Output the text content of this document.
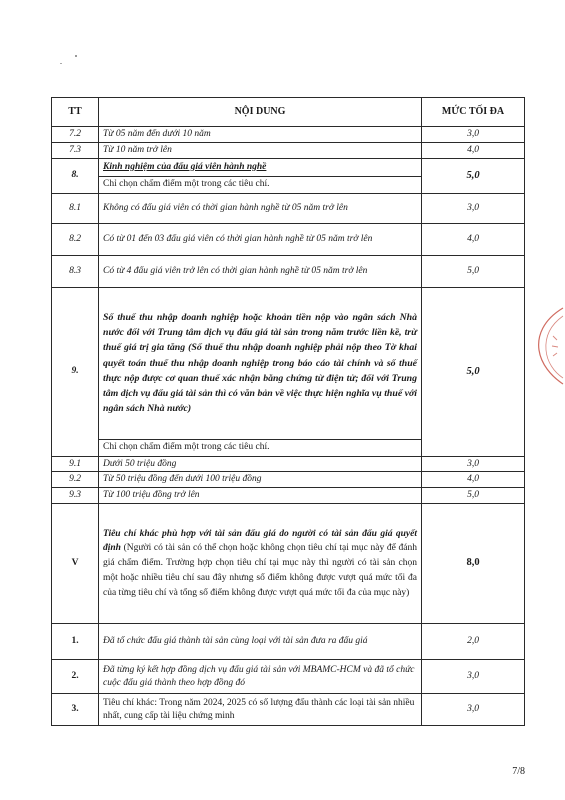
TT	NỘI DUNG	MỨC TỐI ĐA
7.2	Từ 05 năm đến dưới 10 năm	3,0
7.3	Từ 10 năm trở lên	4,0
8.	Kinh nghiệm của đấu giá viên hành nghề	5,0
	Chỉ chọn chấm điểm một trong các tiêu chí.	
8.1	Không có đấu giá viên có thời gian hành nghề từ 05 năm trở lên	3,0
8.2	Có từ 01 đến 03 đấu giá viên có thời gian hành nghề từ 05 năm trở lên	4,0
8.3	Có từ 4 đấu giá viên trở lên có thời gian hành nghề từ 05 năm trở lên	5,0
9.	Số thuế thu nhập doanh nghiệp hoặc khoản tiền nộp vào ngân sách Nhà nước đối với Trung tâm dịch vụ đấu giá tài sản trong năm trước liền kề, trừ thuế giá trị gia tăng (Số thuế thu nhập doanh nghiệp phải nộp theo Tờ khai quyết toán thuế thu nhập doanh nghiệp trong báo cáo tài chính và số thuế thực nộp được cơ quan thuế xác nhận bằng chứng từ điện tử; đối với Trung tâm dịch vụ đấu giá tài sản thì có văn bản về việc thực hiện nghĩa vụ thuế với ngân sách Nhà nước)	5,0
	Chỉ chọn chấm điểm một trong các tiêu chí.	
9.1	Dưới 50 triệu đồng	3,0
9.2	Từ 50 triệu đồng đến dưới 100 triệu đồng	4,0
9.3	Từ 100 triệu đồng trở lên	5,0
V	Tiêu chí khác phù hợp với tài sản đấu giá do người có tài sản đấu giá quyết định (Người có tài sản có thể chọn hoặc không chọn tiêu chí tại mục này để đánh giá chấm điểm. Trường hợp chọn tiêu chí tại mục này thì người có tài sản chọn một hoặc nhiều tiêu chí sau đây nhưng số điểm không được vượt quá mức tối đa của từng tiêu chí và tổng số điểm không được vượt quá mức tối đa của mục này)	8,0
1.	Đã tổ chức đấu giá thành tài sản cùng loại với tài sản đưa ra đấu giá	2,0
2.	Đã từng ký kết hợp đồng dịch vụ đấu giá tài sản với MBAMC-HCM và đã tổ chức cuộc đấu giá thành theo hợp đồng đó	3,0
3.	Tiêu chí khác: Trong năm 2024, 2025 có số lượng đấu thành các loại tài sản nhiều nhất, cung cấp tài liệu chứng minh	3,0
7/8
